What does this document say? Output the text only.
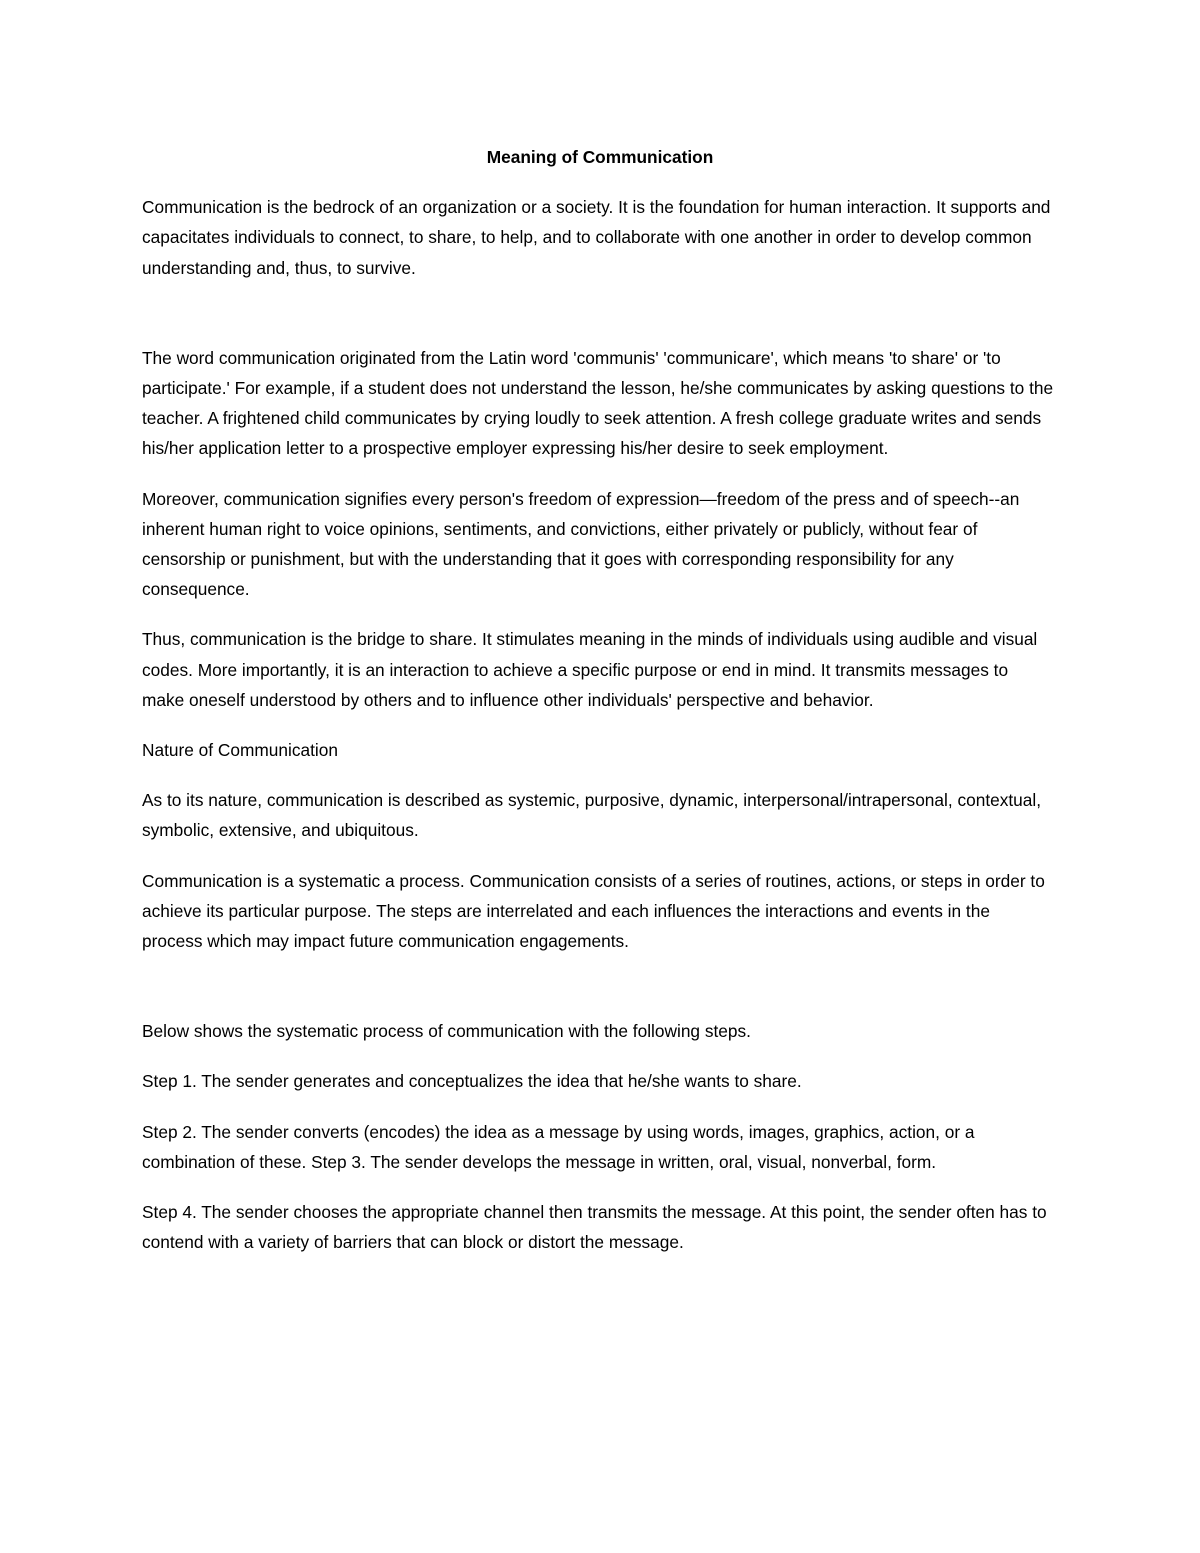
Meaning of Communication

Communication is the bedrock of an organization or a society. It is the foundation for human interaction. It supports and capacitates individuals to connect, to share, to help, and to collaborate with one another in order to develop common understanding and, thus, to survive.

The word communication originated from the Latin word 'communis' 'communicare', which means 'to share' or 'to participate.' For example, if a student does not understand the lesson, he/she communicates by asking questions to the teacher. A frightened child communicates by crying loudly to seek attention. A fresh college graduate writes and sends his/her application letter to a prospective employer expressing his/her desire to seek employment.

Moreover, communication signifies every person's freedom of expression—freedom of the press and of speech--an inherent human right to voice opinions, sentiments, and convictions, either privately or publicly, without fear of censorship or punishment, but with the understanding that it goes with corresponding responsibility for any consequence.

Thus, communication is the bridge to share. It stimulates meaning in the minds of individuals using audible and visual codes. More importantly, it is an interaction to achieve a specific purpose or end in mind. It transmits messages to make oneself understood by others and to influence other individuals' perspective and behavior.

Nature of Communication

As to its nature, communication is described as systemic, purposive, dynamic, interpersonal/intrapersonal, contextual, symbolic, extensive, and ubiquitous.

Communication is a systematic a process. Communication consists of a series of routines, actions, or steps in order to achieve its particular purpose. The steps are interrelated and each influences the interactions and events in the process which may impact future communication engagements.

Below shows the systematic process of communication with the following steps.

Step 1. The sender generates and conceptualizes the idea that he/she wants to share.

Step 2. The sender converts (encodes) the idea as a message by using words, images, graphics, action, or a combination of these. Step 3. The sender develops the message in written, oral, visual, nonverbal, form.

Step 4. The sender chooses the appropriate channel then transmits the message. At this point, the sender often has to contend with a variety of barriers that can block or distort the message.
